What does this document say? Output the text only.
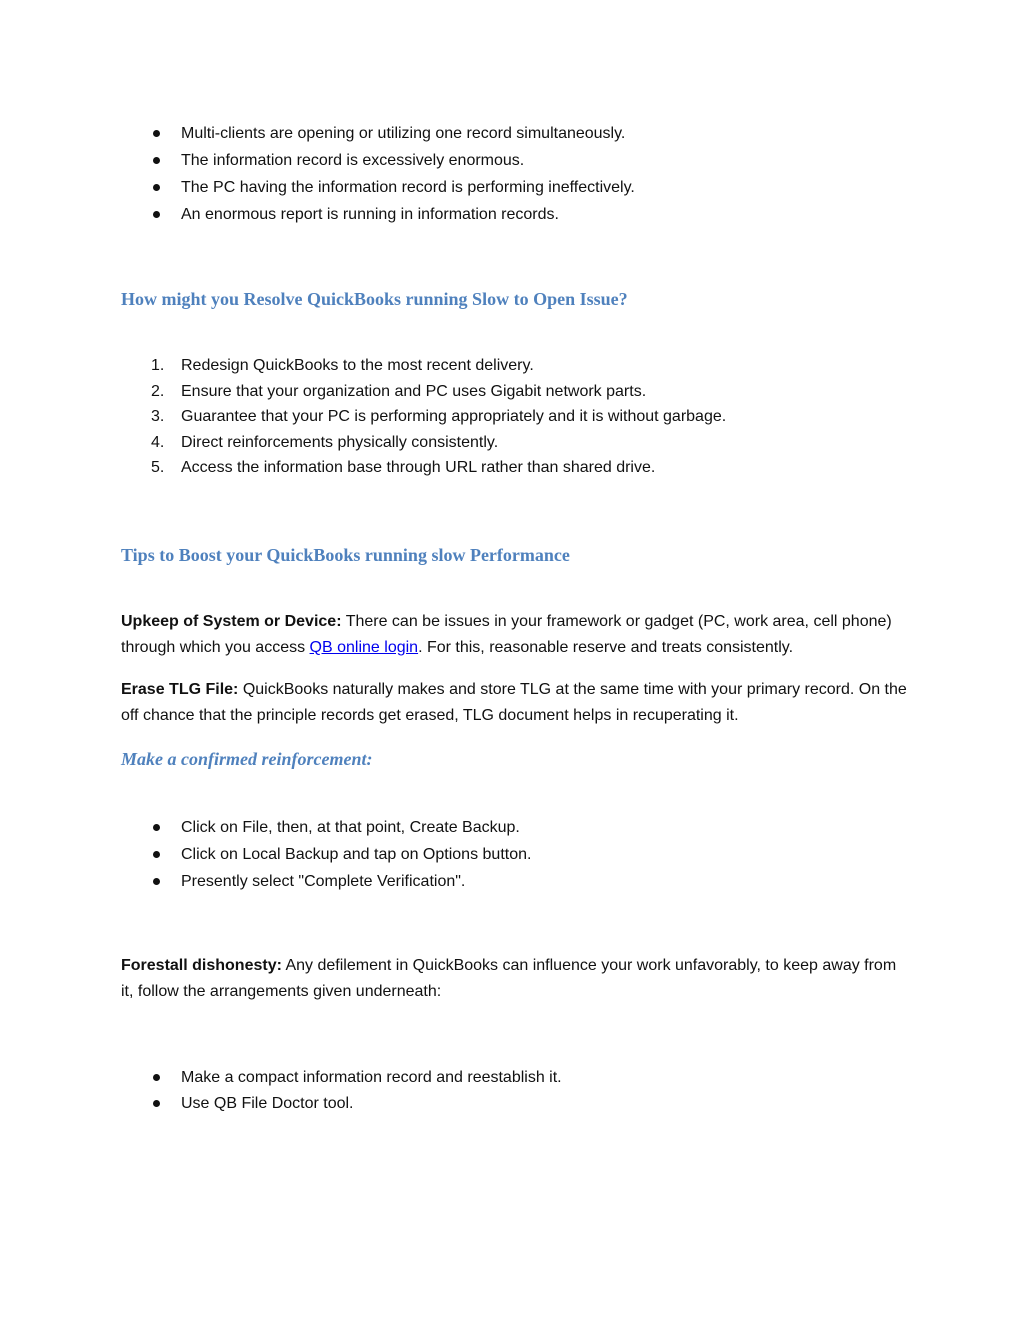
Multi-clients are opening or utilizing one record simultaneously.
The information record is excessively enormous.
The PC having the information record is performing ineffectively.
An enormous report is running in information records.
How might you Resolve QuickBooks running Slow to Open Issue?
1. Redesign QuickBooks to the most recent delivery.
2. Ensure that your organization and PC uses Gigabit network parts.
3. Guarantee that your PC is performing appropriately and it is without garbage.
4. Direct reinforcements physically consistently.
5. Access the information base through URL rather than shared drive.
Tips to Boost your QuickBooks running slow Performance

Upkeep of System or Device: There can be issues in your framework or gadget (PC, work area, cell phone) through which you access QB online login. For this, reasonable reserve and treats consistently.

Erase TLG File: QuickBooks naturally makes and store TLG at the same time with your primary record. On the off chance that the principle records get erased, TLG document helps in recuperating it.

Make a confirmed reinforcement:
Click on File, then, at that point, Create Backup.
Click on Local Backup and tap on Options button.
Presently select "Complete Verification".

Forestall dishonesty: Any defilement in QuickBooks can influence your work unfavorably, to keep away from it, follow the arrangements given underneath:

Make a compact information record and reestablish it.
Use QB File Doctor tool.
